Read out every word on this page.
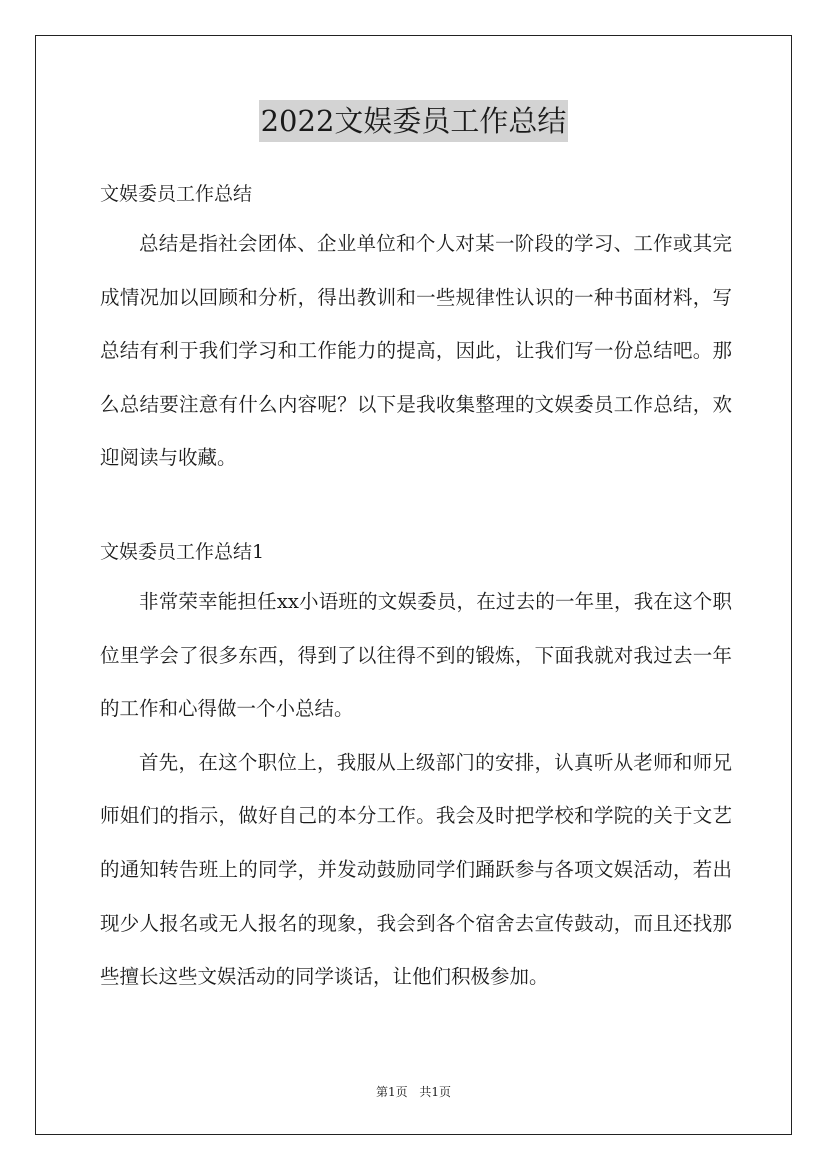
2022文娱委员工作总结

文娱委员工作总结

总结是指社会团体、企业单位和个人对某一阶段的学习、工作或其完成情况加以回顾和分析，得出教训和一些规律性认识的一种书面材料，写总结有利于我们学习和工作能力的提高，因此，让我们写一份总结吧。那么总结要注意有什么内容呢？以下是我收集整理的文娱委员工作总结，欢迎阅读与收藏。

文娱委员工作总结1

非常荣幸能担任xx小语班的文娱委员，在过去的一年里，我在这个职位里学会了很多东西，得到了以往得不到的锻炼，下面我就对我过去一年的工作和心得做一个小总结。

首先，在这个职位上，我服从上级部门的安排，认真听从老师和师兄师姐们的指示，做好自己的本分工作。我会及时把学校和学院的关于文艺的通知转告班上的同学，并发动鼓励同学们踊跃参与各项文娱活动，若出现少人报名或无人报名的现象，我会到各个宿舍去宣传鼓动，而且还找那些擅长这些文娱活动的同学谈话，让他们积极参加。

第1页 共1页
